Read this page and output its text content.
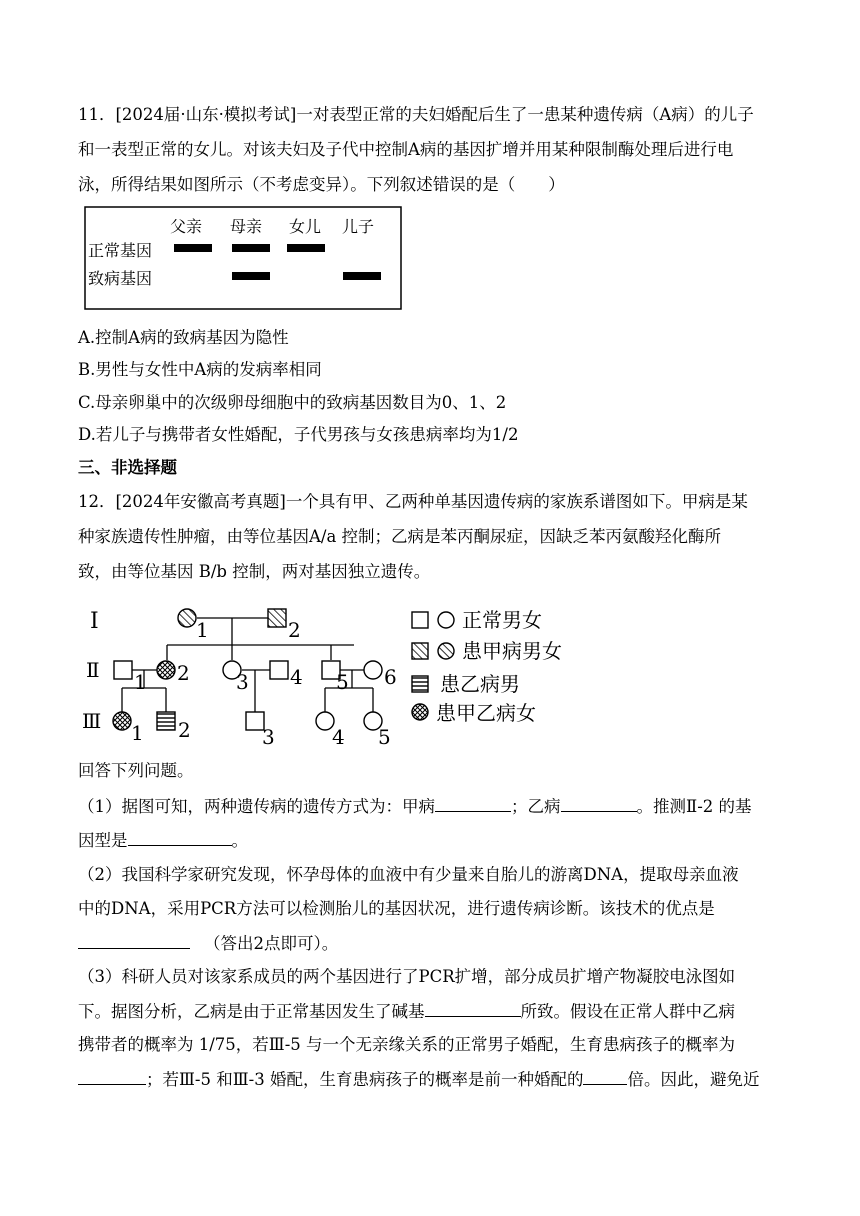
11．[2024届·山东·模拟考试]一对表型正常的夫妇婚配后生了一患某种遗传病（A病）的儿子
和一表型正常的女儿。对该夫妇及子代中控制A病的基因扩增并用某种限制酶处理后进行电
泳，所得结果如图所示（不考虑变异）。下列叙述错误的是（　　）
父亲 母亲 女儿 儿子
正常基因
致病基因
A.控制A病的致病基因为隐性
B.男性与女性中A病的发病率相同
C.母亲卵巢中的次级卵母细胞中的致病基因数目为0、1、2
D.若儿子与携带者女性婚配，子代男孩与女孩患病率均为1/2
三、非选择题
12．[2024年安徽高考真题]一个具有甲、乙两种单基因遗传病的家族系谱图如下。甲病是某
种家族遗传性肿瘤，由等位基因A/a 控制；乙病是苯丙酮尿症，因缺乏苯丙氨酸羟化酶所
致，由等位基因 B/b 控制，两对基因独立遗传。
I
Ⅱ
Ⅲ
1	2
1 2 3 4 5 6
1 2	3	4 5
正常男女
患甲病男女
患乙病男
患甲乙病女
回答下列问题。
（1）据图可知，两种遗传病的遗传方式为：甲病	；乙病	。推测Ⅱ-2 的基
因型是	。
（2）我国科学家研究发现，怀孕母体的血液中有少量来自胎儿的游离DNA，提取母亲血液
中的DNA，采用PCR方法可以检测胎儿的基因状况，进行遗传病诊断。该技术的优点是
（答出2点即可）。
（3）科研人员对该家系成员的两个基因进行了PCR扩增，部分成员扩增产物凝胶电泳图如
下。据图分析，乙病是由于正常基因发生了碱基	所致。假设在正常人群中乙病
携带者的概率为 1/75，若Ⅲ-5 与一个无亲缘关系的正常男子婚配，生育患病孩子的概率为
；若Ⅲ-5 和Ⅲ-3 婚配，生育患病孩子的概率是前一种婚配的	倍。因此，避免近
